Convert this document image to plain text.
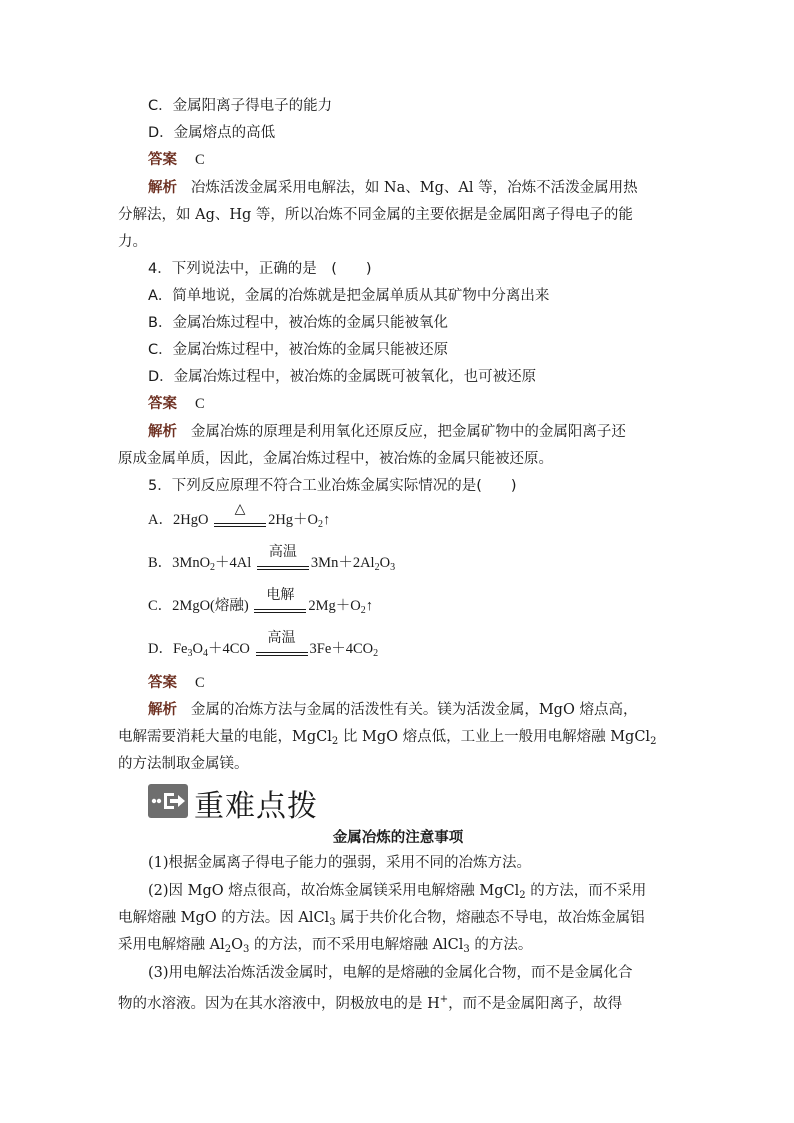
C．金属阳离子得电子的能力
D．金属熔点的高低
答案 C
解析 冶炼活泼金属采用电解法，如 Na、Mg、Al 等，冶炼不活泼金属用热
分解法，如 Ag、Hg 等，所以冶炼不同金属的主要依据是金属阳离子得电子的能
力。
4．下列说法中，正确的是　(　　)
A．简单地说，金属的冶炼就是把金属单质从其矿物中分离出来
B．金属冶炼过程中，被冶炼的金属只能被氧化
C．金属冶炼过程中，被冶炼的金属只能被还原
D．金属冶炼过程中，被冶炼的金属既可被氧化，也可被还原
答案 C
解析 金属冶炼的原理是利用氧化还原反应，把金属矿物中的金属阳离子还
原成金属单质，因此，金属冶炼过程中，被冶炼的金属只能被还原。
5．下列反应原理不符合工业冶炼金属实际情况的是(　　)
A．2HgO
△
$2Hg+O_2↑$
B．3MnO$_2$＋4Al
高温
$3Mn+2Al_2O_3$
C．2MgO(熔融)
电解
$2Mg+O_2↑$
D．$Fe_3O_4+4CO$
高温
$3Fe+4CO_2$
答案 C
解析 金属的冶炼方法与金属的活泼性有关。镁为活泼金属，MgO 熔点高，
电解需要消耗大量的电能，MgCl$_2$ 比 MgO 熔点低，工业上一般用电解熔融 MgCl$_2$
的方法制取金属镁。
重难点拨
金属冶炼的注意事项
(1)根据金属离子得电子能力的强弱，采用不同的冶炼方法。
(2)因 MgO 熔点很高，故冶炼金属镁采用电解熔融 MgCl$_2$ 的方法，而不采用
电解熔融 MgO 的方法。因 AlCl$_3$ 属于共价化合物，熔融态不导电，故冶炼金属铝
采用电解熔融 $Al_2O_3$ 的方法，而不采用电解熔融 AlCl$_3$ 的方法。
(3)用电解法冶炼活泼金属时，电解的是熔融的金属化合物，而不是金属化合
物的水溶液。因为在其水溶液中，阴极放电的是 H+，而不是金属阳离子，故得
